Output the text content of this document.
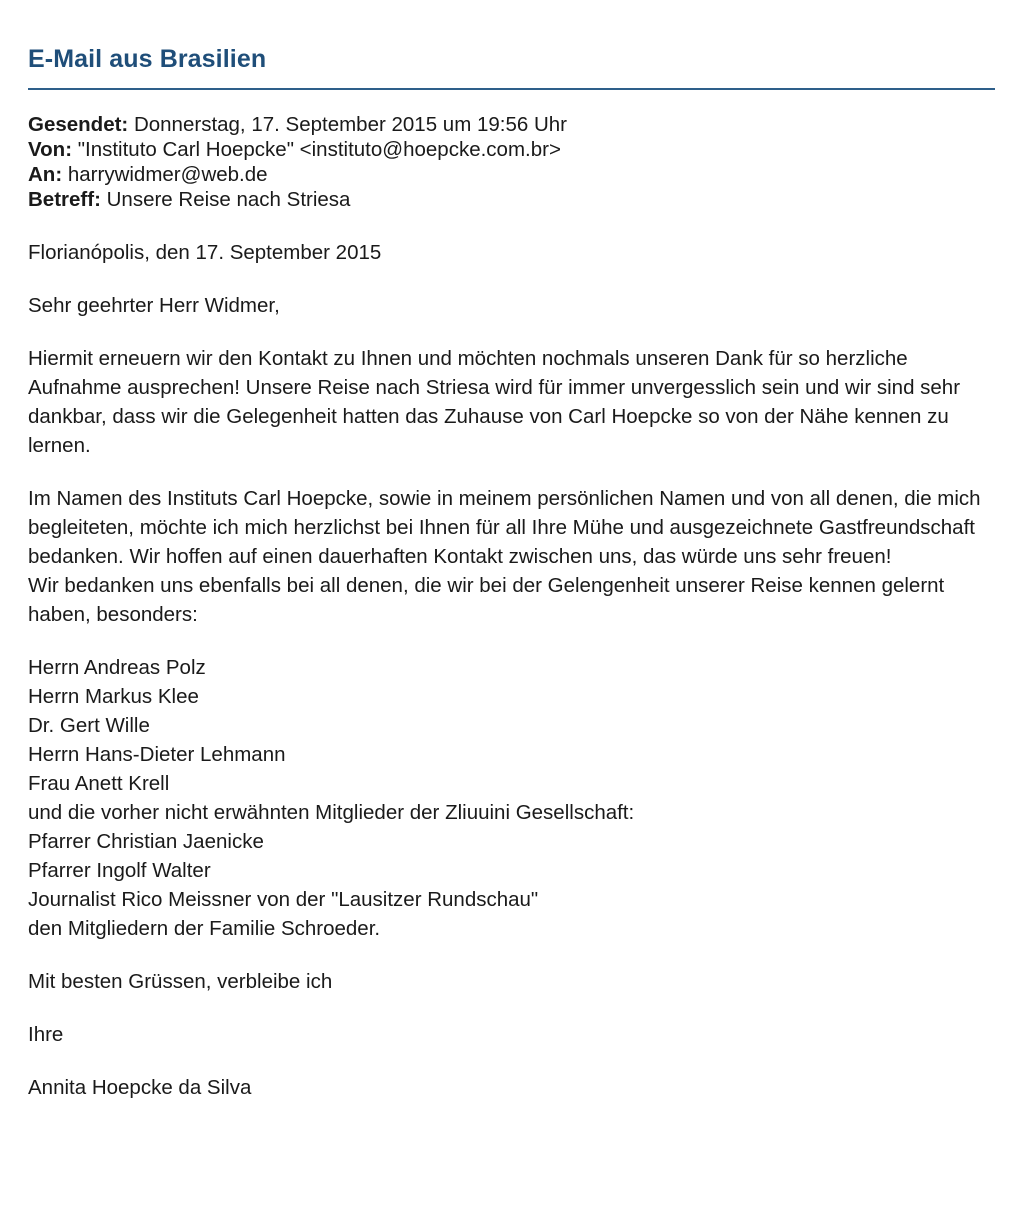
E-Mail aus Brasilien
Gesendet: Donnerstag, 17. September 2015 um 19:56 Uhr
Von: "Instituto Carl Hoepcke" <instituto@hoepcke.com.br>
An: harrywidmer@web.de
Betreff: Unsere Reise nach Striesa

Florianópolis, den 17. September 2015

Sehr geehrter Herr Widmer,

Hiermit erneuern wir den Kontakt zu Ihnen und möchten nochmals unseren Dank für so herzliche Aufnahme ausprechen! Unsere Reise nach Striesa wird für immer unvergesslich sein und wir sind sehr dankbar, dass wir die Gelegenheit hatten das Zuhause von Carl Hoepcke so von der Nähe kennen zu lernen.

Im Namen des Instituts Carl Hoepcke, sowie in meinem persönlichen Namen und von all denen, die mich begleiteten, möchte ich mich herzlichst bei Ihnen für all Ihre Mühe und ausgezeichnete Gastfreundschaft bedanken. Wir hoffen auf einen dauerhaften Kontakt zwischen uns, das würde uns sehr freuen!

Wir bedanken uns ebenfalls bei all denen, die wir bei der Gelengenheit unserer Reise kennen gelernt haben, besonders:

Herrn Andreas Polz
Herrn Markus Klee
Dr. Gert Wille
Herrn Hans-Dieter Lehmann
Frau Anett Krell
und die vorher nicht erwähnten Mitglieder der Zliuuini Gesellschaft:
Pfarrer Christian Jaenicke
Pfarrer Ingolf Walter
Journalist Rico Meissner von der "Lausitzer Rundschau"
den Mitgliedern der Familie Schroeder.

Mit besten Grüssen, verbleibe ich

Ihre

Annita Hoepcke da Silva
